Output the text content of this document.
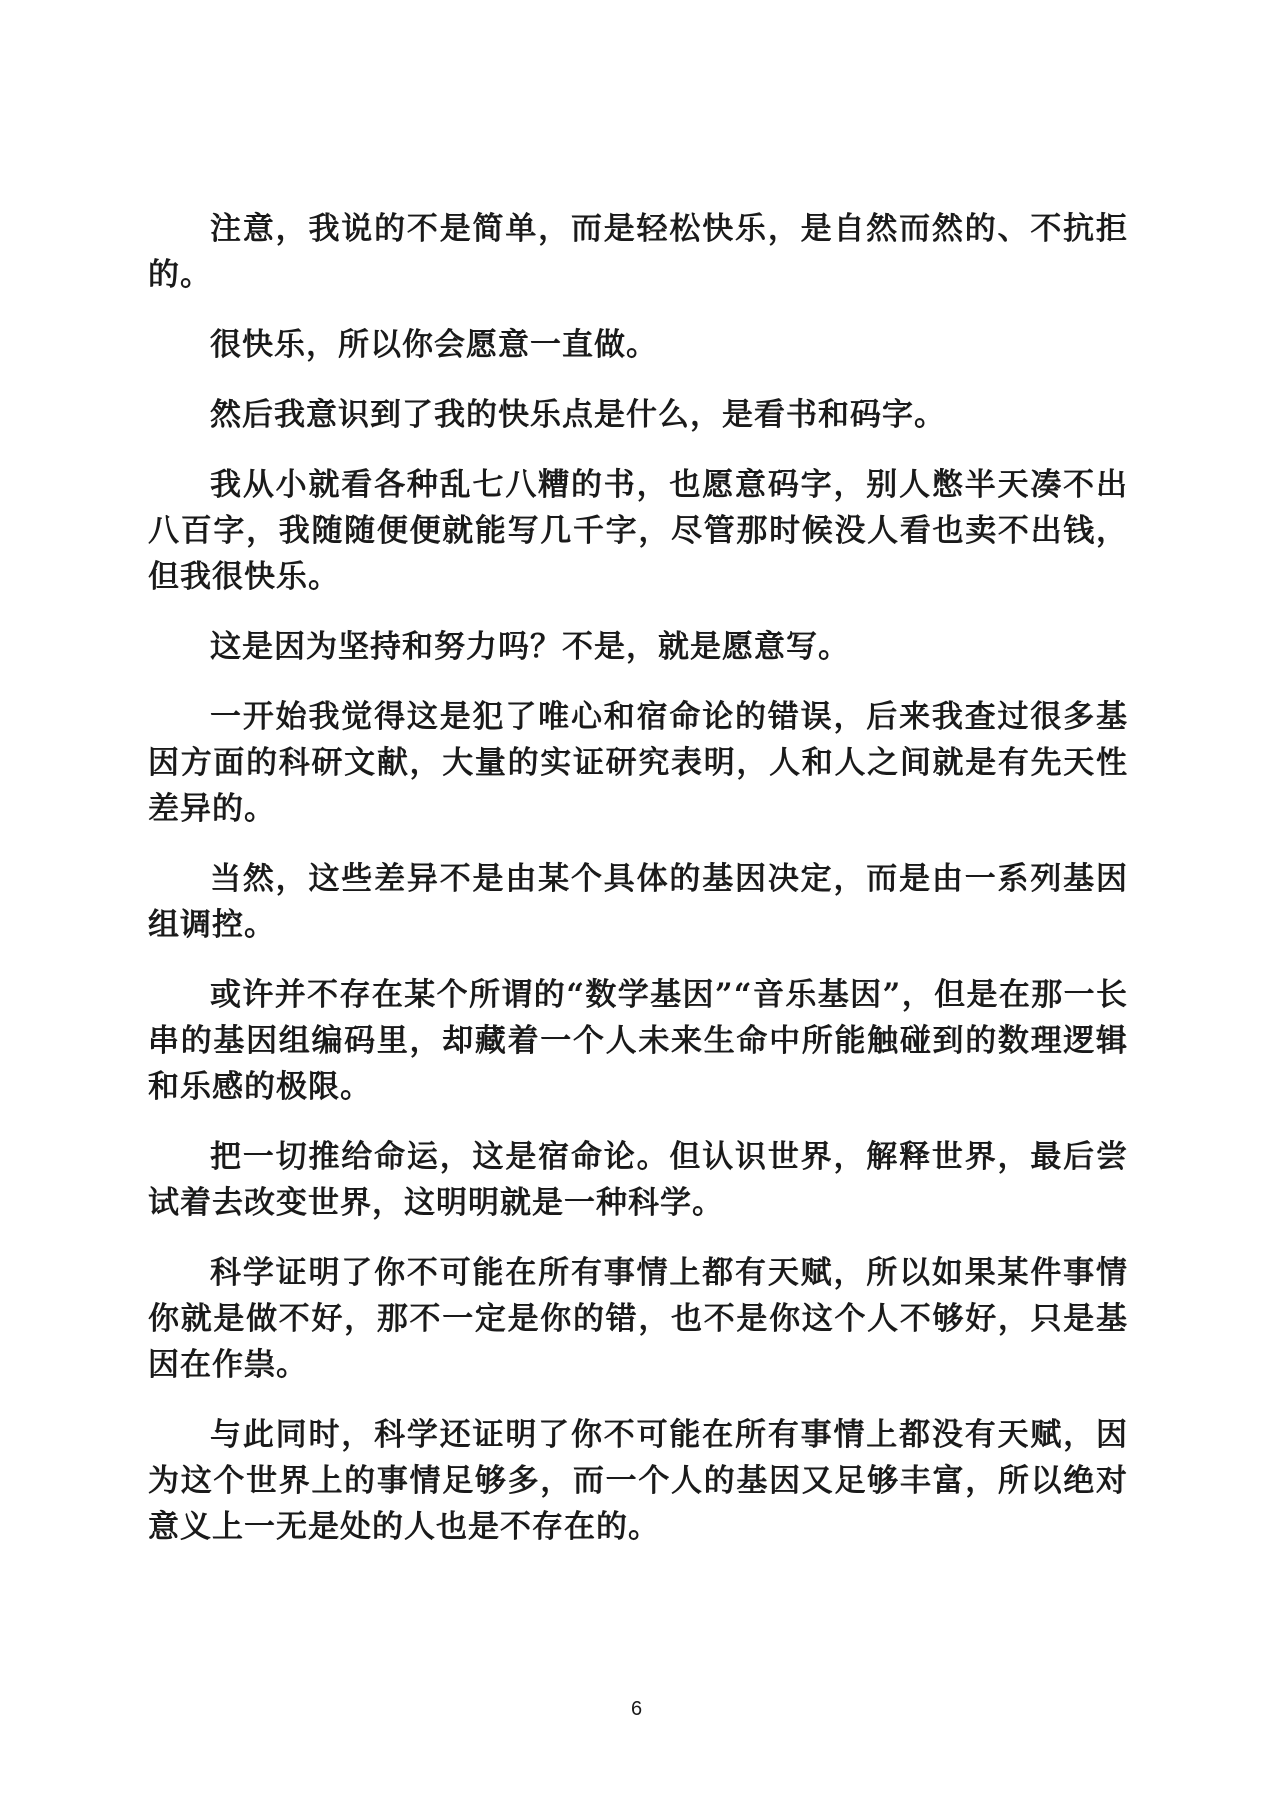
注意，我说的不是简单，而是轻松快乐，是自然而然的、不抗拒的。

很快乐，所以你会愿意一直做。

然后我意识到了我的快乐点是什么，是看书和码字。

我从小就看各种乱七八糟的书，也愿意码字，别人憋半天凑不出八百字，我随随便便就能写几千字，尽管那时候没人看也卖不出钱，但我很快乐。

这是因为坚持和努力吗？不是，就是愿意写。

一开始我觉得这是犯了唯心和宿命论的错误，后来我查过很多基因方面的科研文献，大量的实证研究表明，人和人之间就是有先天性差异的。

当然，这些差异不是由某个具体的基因决定，而是由一系列基因组调控。

或许并不存在某个所谓的“数学基因”“音乐基因”，但是在那一长串的基因组编码里，却藏着一个人未来生命中所能触碰到的数理逻辑和乐感的极限。

把一切推给命运，这是宿命论。但认识世界，解释世界，最后尝试着去改变世界，这明明就是一种科学。

科学证明了你不可能在所有事情上都有天赋，所以如果某件事情你就是做不好，那不一定是你的错，也不是你这个人不够好，只是基因在作祟。

与此同时，科学还证明了你不可能在所有事情上都没有天赋，因为这个世界上的事情足够多，而一个人的基因又足够丰富，所以绝对意义上一无是处的人也是不存在的。

6
